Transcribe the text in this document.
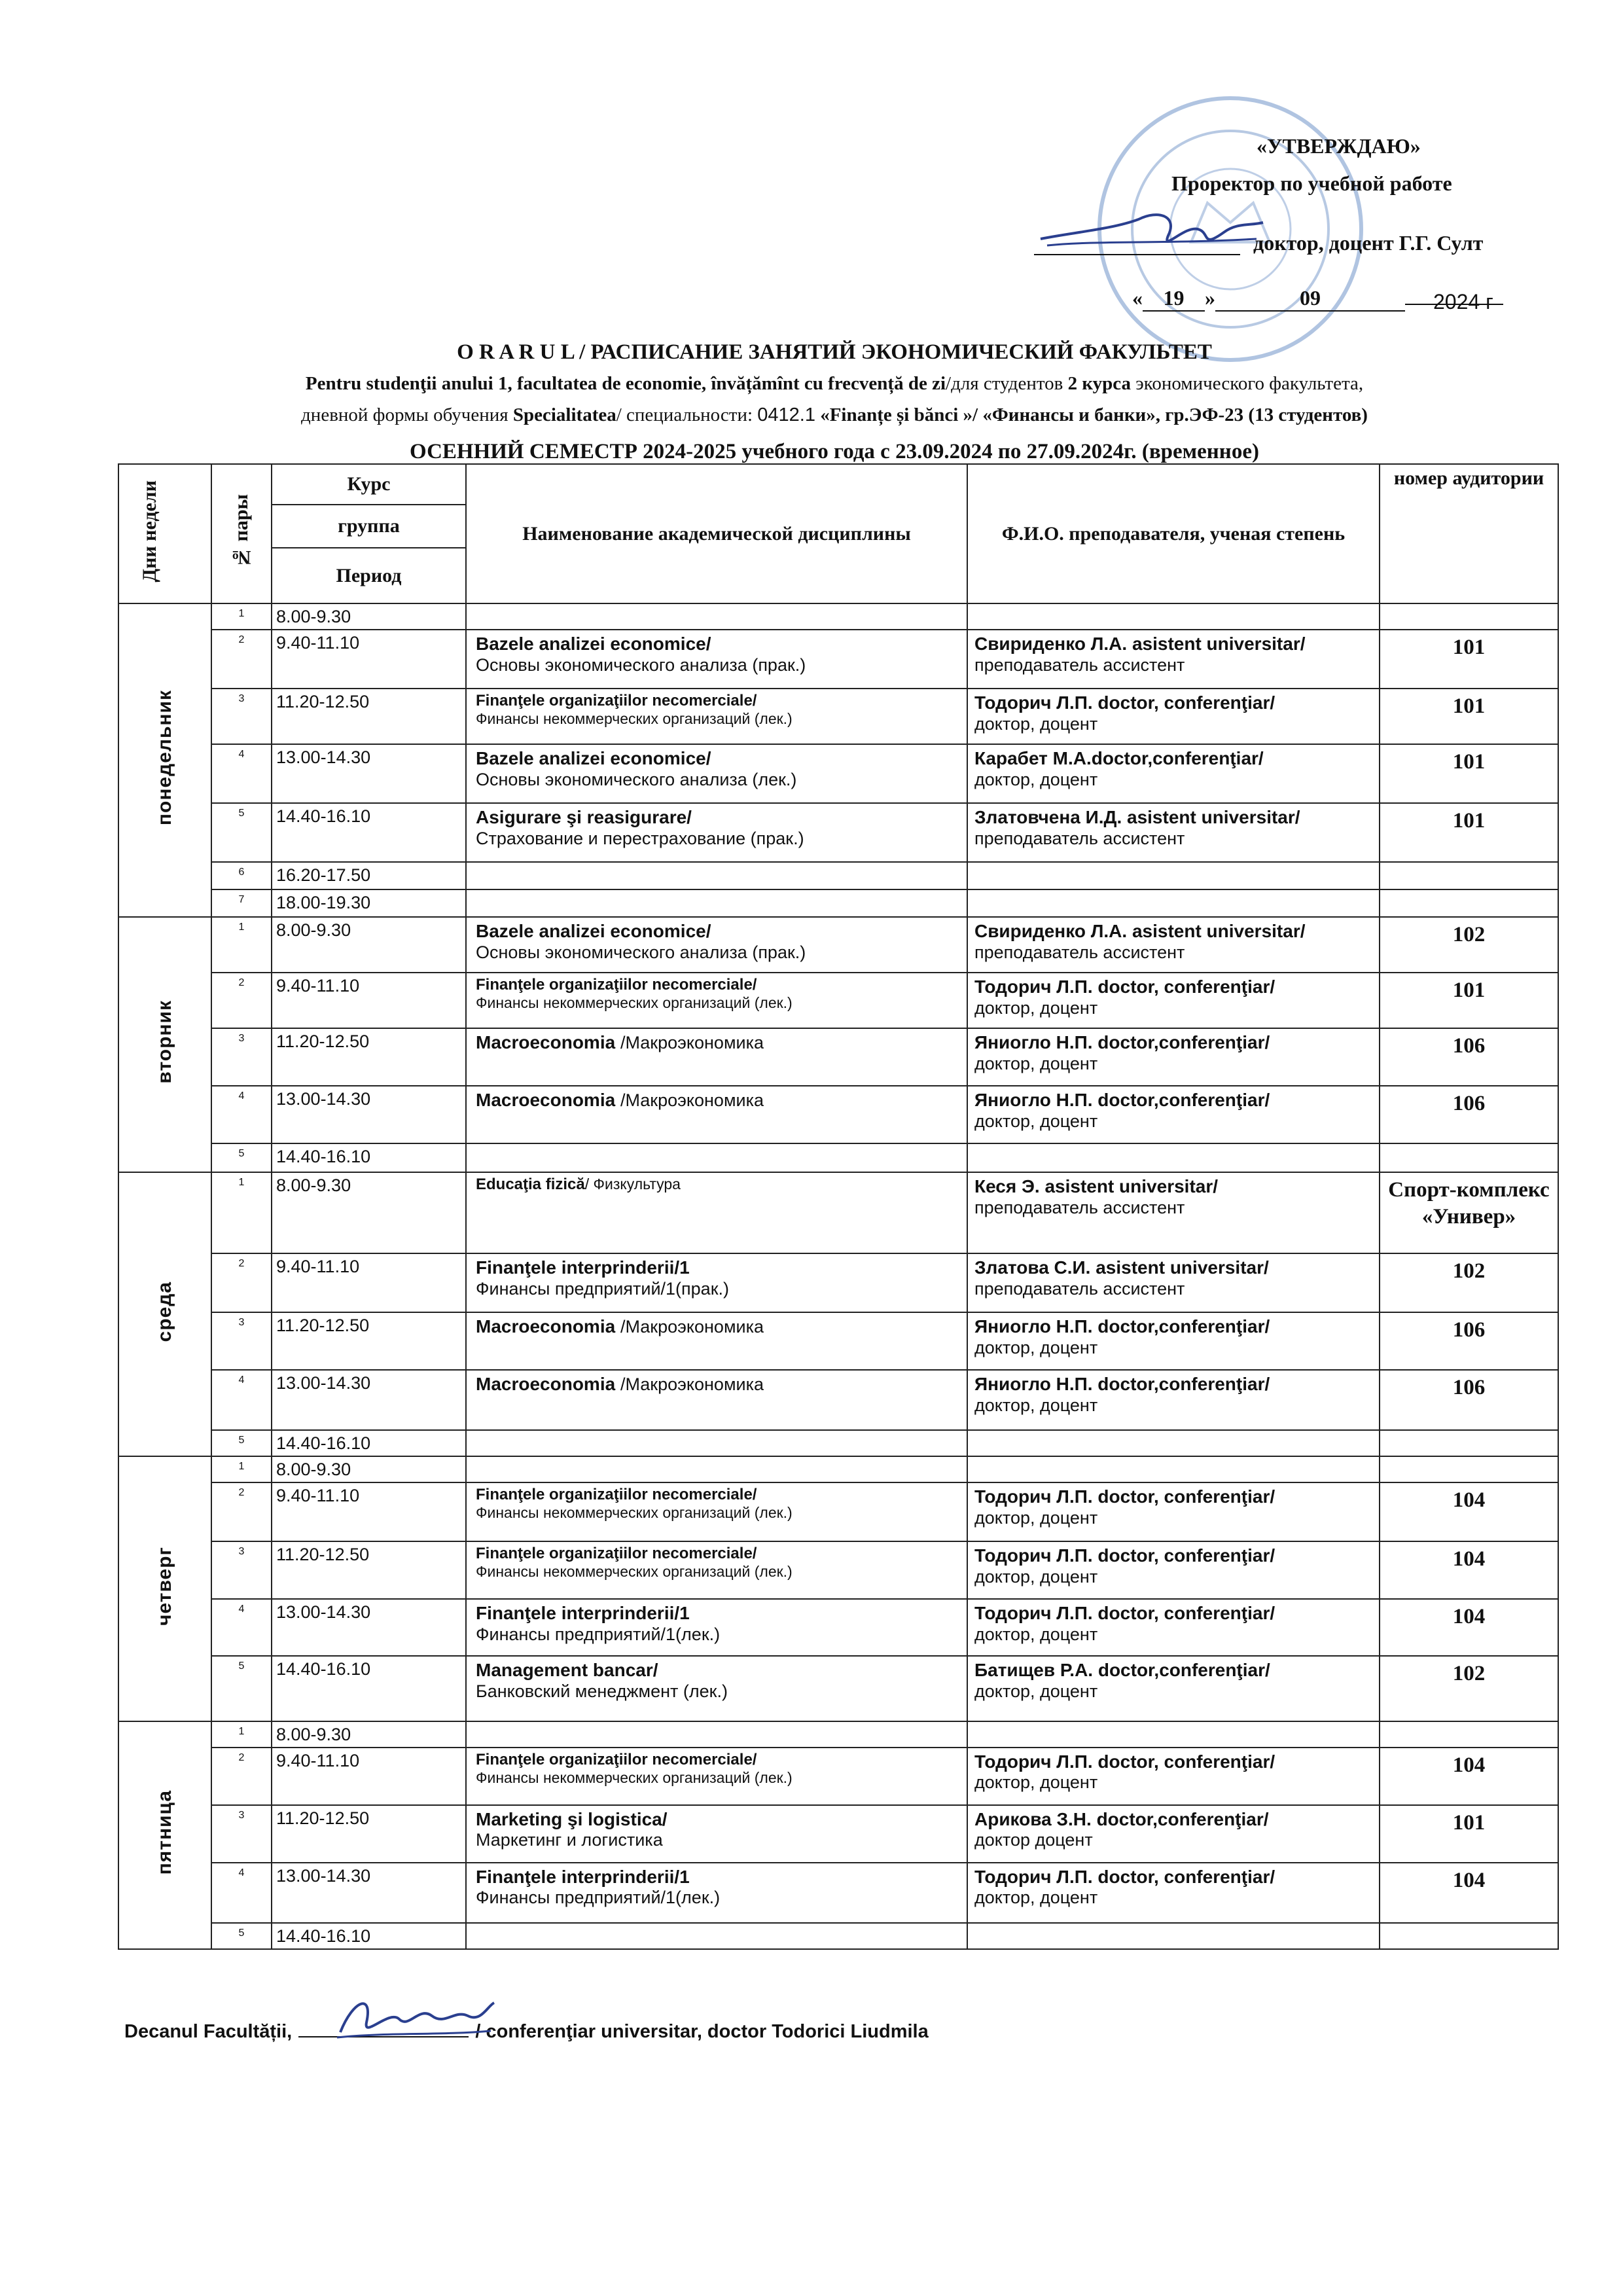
«УТВЕРЖДАЮ»
Проректор по учебной работе
доктор, доцент Г.Г. Султ
« 19 »	09	2024 г
O R A R U L / РАСПИСАНИЕ ЗАНЯТИЙ ЭКОНОМИЧЕСКИЙ ФАКУЛЬТЕТ
Pentru studenţii anului 1, facultatea de economie, învățămînt cu frecvență de zi/для студентов 2 курса экономического факультета,
дневной формы обучения Specialitatea/ специальности: 0412.1 «Finanțe și bănci »/ «Финансы и банки», гр.ЭФ-23 (13 студентов)
ОСЕННИЙ СЕМЕСТР 2024-2025 учебного года с 23.09.2024 по 27.09.2024г. (временное)
Дни недели	№ пары	Курс	Наименование академической дисциплины	Ф.И.О. преподавателя, ученая степень	номер аудитории
		группа			
		Период			
понедельник	1	8.00-9.30	

	2	9.40-11.10	Bazele analizei economice/
Основы экономического анализа (прак.)	Свириденко Л.А. asistent universitar/
преподаватель ассистент	101
	3	11.20-12.50	Finanţele organizaţiilor necomerciale/
Финансы некоммерческих организаций (лек.)	Тодорич Л.П. doctor, conferenţiar/
доктор, доцент	101
	4	13.00-14.30	Bazele analizei economice/
Основы экономического анализа (лек.)	Карабет М.А.doctor,conferenţiar/
доктор, доцент	101
	5	14.40-16.10	Asigurare şi reasigurare/
Страхование и перестрахование (прак.)	Златовчена И.Д. asistent universitar/
преподаватель ассистент	101
	6	16.20-17.50	

	7	18.00-19.30	

вторник	1	8.00-9.30	Bazele analizei economice/
Основы экономического анализа (прак.)	Свириденко Л.А. asistent universitar/
преподаватель ассистент	102
	2	9.40-11.10	Finanţele organizaţiilor necomerciale/
Финансы некоммерческих организаций (лек.)	Тодорич Л.П. doctor, conferenţiar/
доктор, доцент	101
	3	11.20-12.50	Macroeconomia /Макроэкономика	Яниогло Н.П. doctor,conferenţiar/
доктор, доцент	106
	4	13.00-14.30	Macroeconomia /Макроэкономика	Яниогло Н.П. doctor,conferenţiar/
доктор, доцент	106
	5	14.40-16.10	

среда	1	8.00-9.30	Educaţia fizică/ Физкультура	Кеся Э. asistent universitar/
преподаватель ассистент	Спорт-комплекс «Универ»
	2	9.40-11.10	Finanţele interprinderii/1
Финансы предприятий/1(прак.)	Златова С.И. asistent universitar/
преподаватель ассистент	102
	3	11.20-12.50	Macroeconomia /Макроэкономика	Яниогло Н.П. doctor,conferenţiar/
доктор, доцент	106
	4	13.00-14.30	Macroeconomia /Макроэкономика	Яниогло Н.П. doctor,conferenţiar/
доктор, доцент	106
	5	14.40-16.10	

четверг	1	8.00-9.30	

	2	9.40-11.10	Finanţele organizaţiilor necomerciale/
Финансы некоммерческих организаций (лек.)	Тодорич Л.П. doctor, conferenţiar/
доктор, доцент	104
	3	11.20-12.50	Finanţele organizaţiilor necomerciale/
Финансы некоммерческих организаций (лек.)	Тодорич Л.П. doctor, conferenţiar/
доктор, доцент	104
	4	13.00-14.30	Finanţele interprinderii/1
Финансы предприятий/1(лек.)	Тодорич Л.П. doctor, conferenţiar/
доктор, доцент	104
	5	14.40-16.10	Management bancar/
Банковский менеджмент (лек.)	Батищев Р.А. doctor,conferenţiar/
доктор, доцент	102
пятница	1	8.00-9.30	

	2	9.40-11.10	Finanţele organizaţiilor necomerciale/
Финансы некоммерческих организаций (лек.)	Тодорич Л.П. doctor, conferenţiar/
доктор, доцент	104
	3	11.20-12.50	Marketing şi logistica/
Маркетинг и логистика	Арикова З.Н. doctor,conferenţiar/
доктор доцент	101
	4	13.00-14.30	Finanţele interprinderii/1
Финансы предприятий/1(лек.)	Тодорич Л.П. doctor, conferenţiar/
доктор, доцент	104
	5	14.40-16.10	

Decanul Facultății,	/ conferenţiar universitar, doctor Todorici Liudmila
